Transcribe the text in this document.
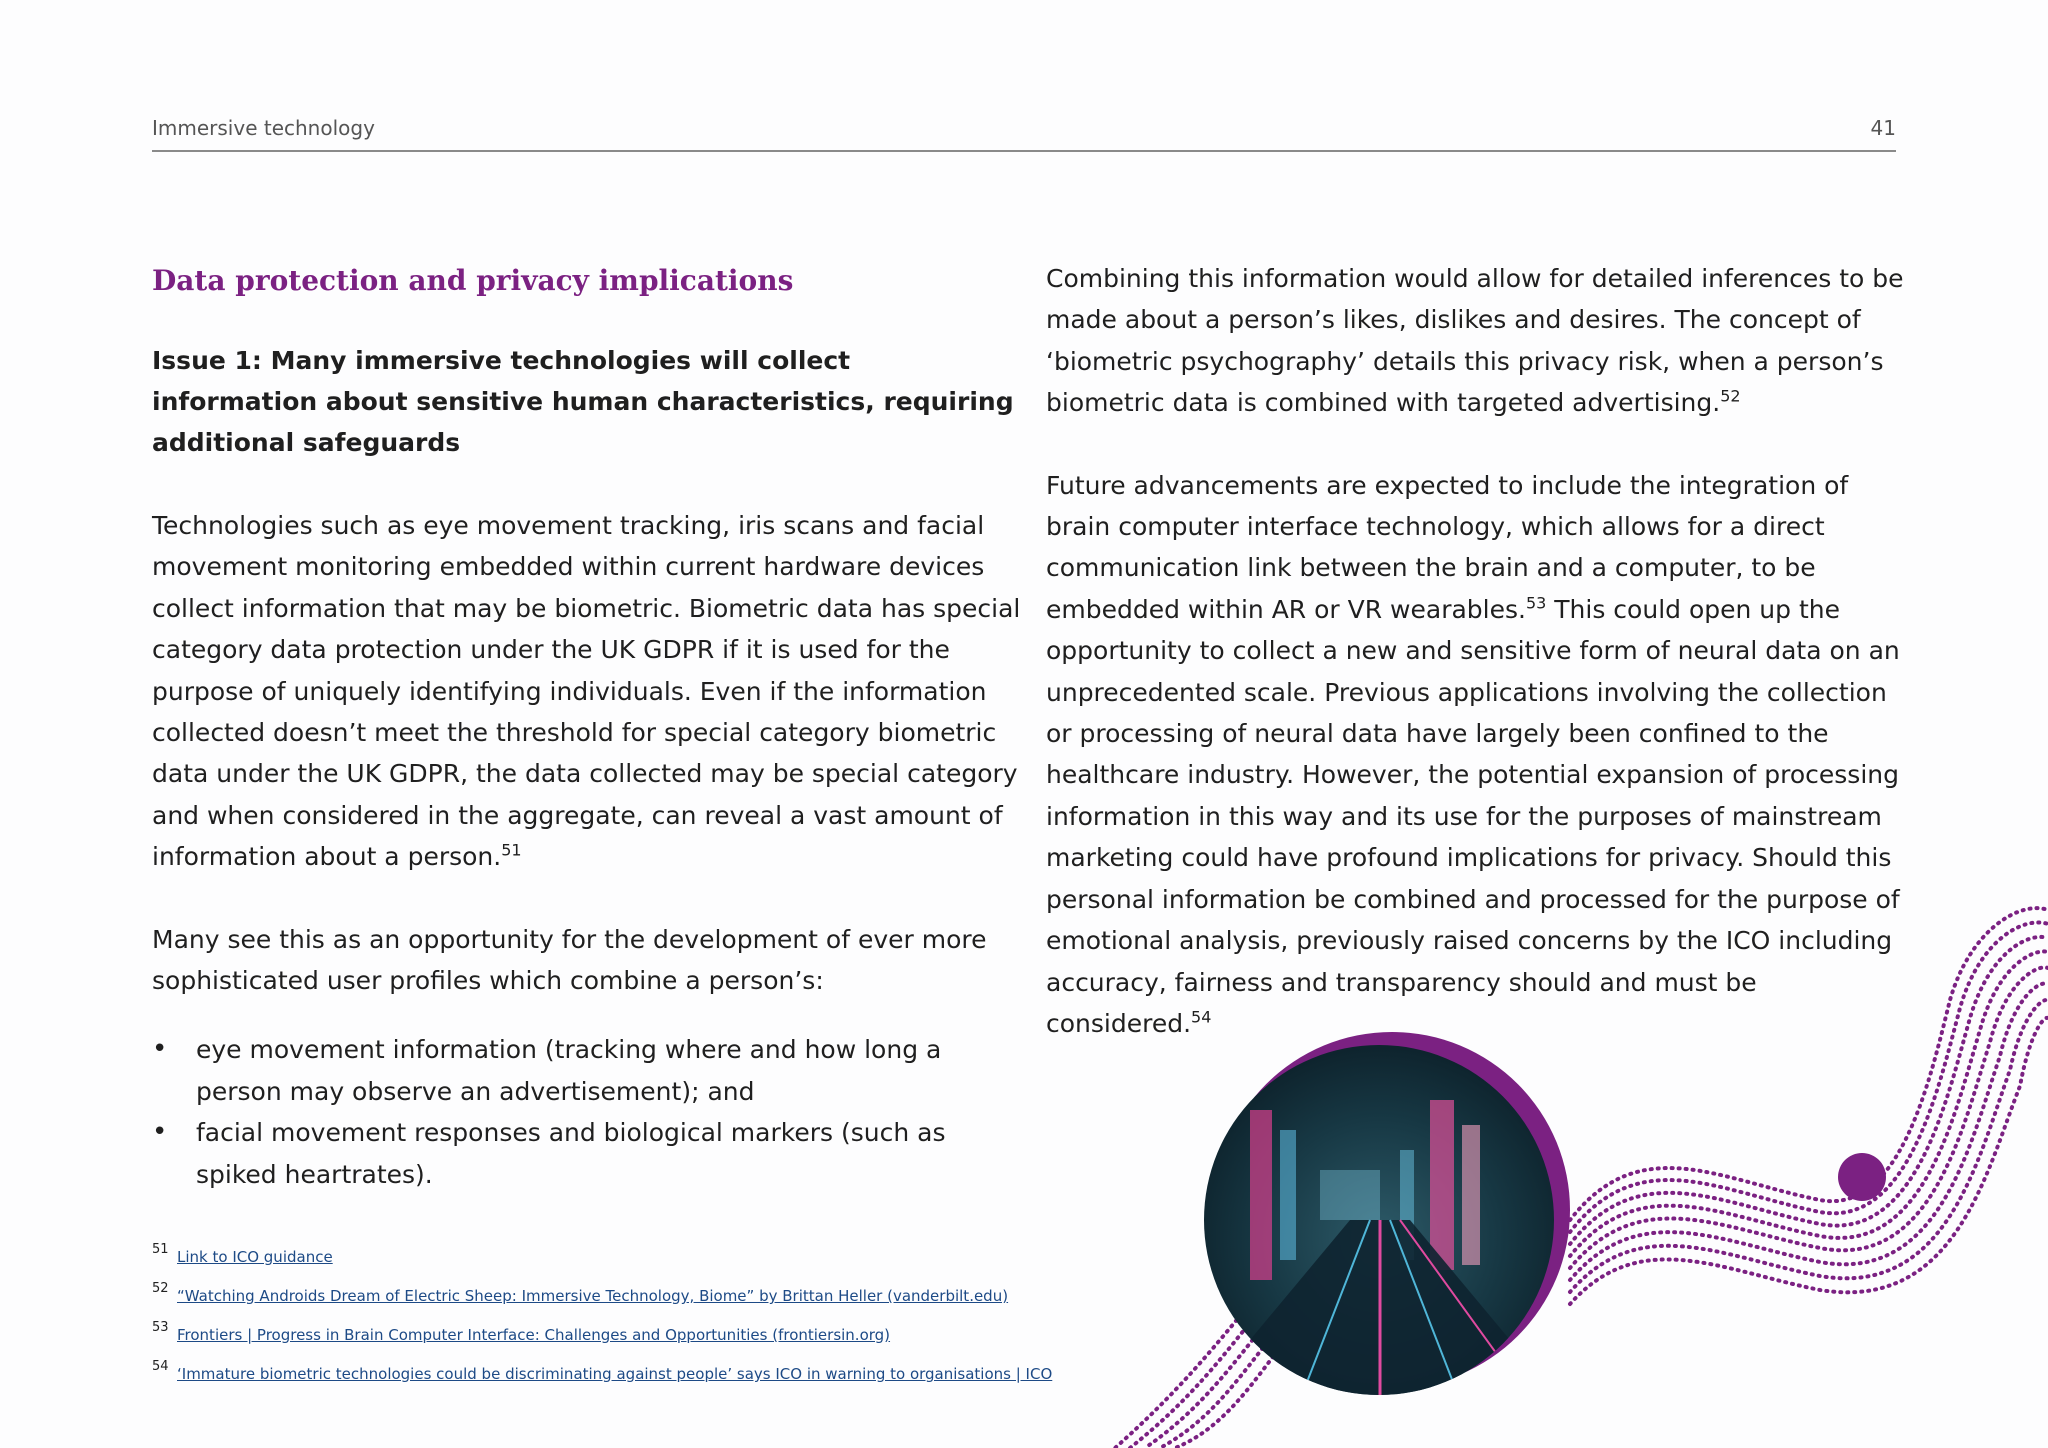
Immersive technology	41
Data protection and privacy implications
Issue 1: Many immersive technologies will collect information about sensitive human characteristics, requiring additional safeguards

Technologies such as eye movement tracking, iris scans and facial movement monitoring embedded within current hardware devices collect information that may be biometric. Biometric data has special category data protection under the UK GDPR if it is used for the purpose of uniquely identifying individuals. Even if the information collected doesn’t meet the threshold for special category biometric data under the UK GDPR, the data collected may be special category and when considered in the aggregate, can reveal a vast amount of information about a person.$^{51}$

Many see this as an opportunity for the development of ever more sophisticated user profiles which combine a person’s:

• eye movement information (tracking where and how long a person may observe an advertisement); and
• facial movement responses and biological markers (such as spiked heartrates).

Combining this information would allow for detailed inferences to be made about a person’s likes, dislikes and desires. The concept of ‘biometric psychography’ details this privacy risk, when a person’s biometric data is combined with targeted advertising.$^{52}$

Future advancements are expected to include the integration of brain computer interface technology, which allows for a direct communication link between the brain and a computer, to be embedded within AR or VR wearables.$^{53}$ This could open up the opportunity to collect a new and sensitive form of neural data on an unprecedented scale. Previous applications involving the collection or processing of neural data have largely been confined to the healthcare industry. However, the potential expansion of processing information in this way and its use for the purposes of mainstream marketing could have profound implications for privacy. Should this personal information be combined and processed for the purpose of emotional analysis, previously raised concerns by the ICO including accuracy, fairness and transparency should and must be considered.$^{54}$

51 Link to ICO guidance
52 “Watching Androids Dream of Electric Sheep: Immersive Technology, Biome” by Brittan Heller (vanderbilt.edu)
53 Frontiers | Progress in Brain Computer Interface: Challenges and Opportunities (frontiersin.org)
54 ‘Immature biometric technologies could be discriminating against people’ says ICO in warning to organisations | ICO
